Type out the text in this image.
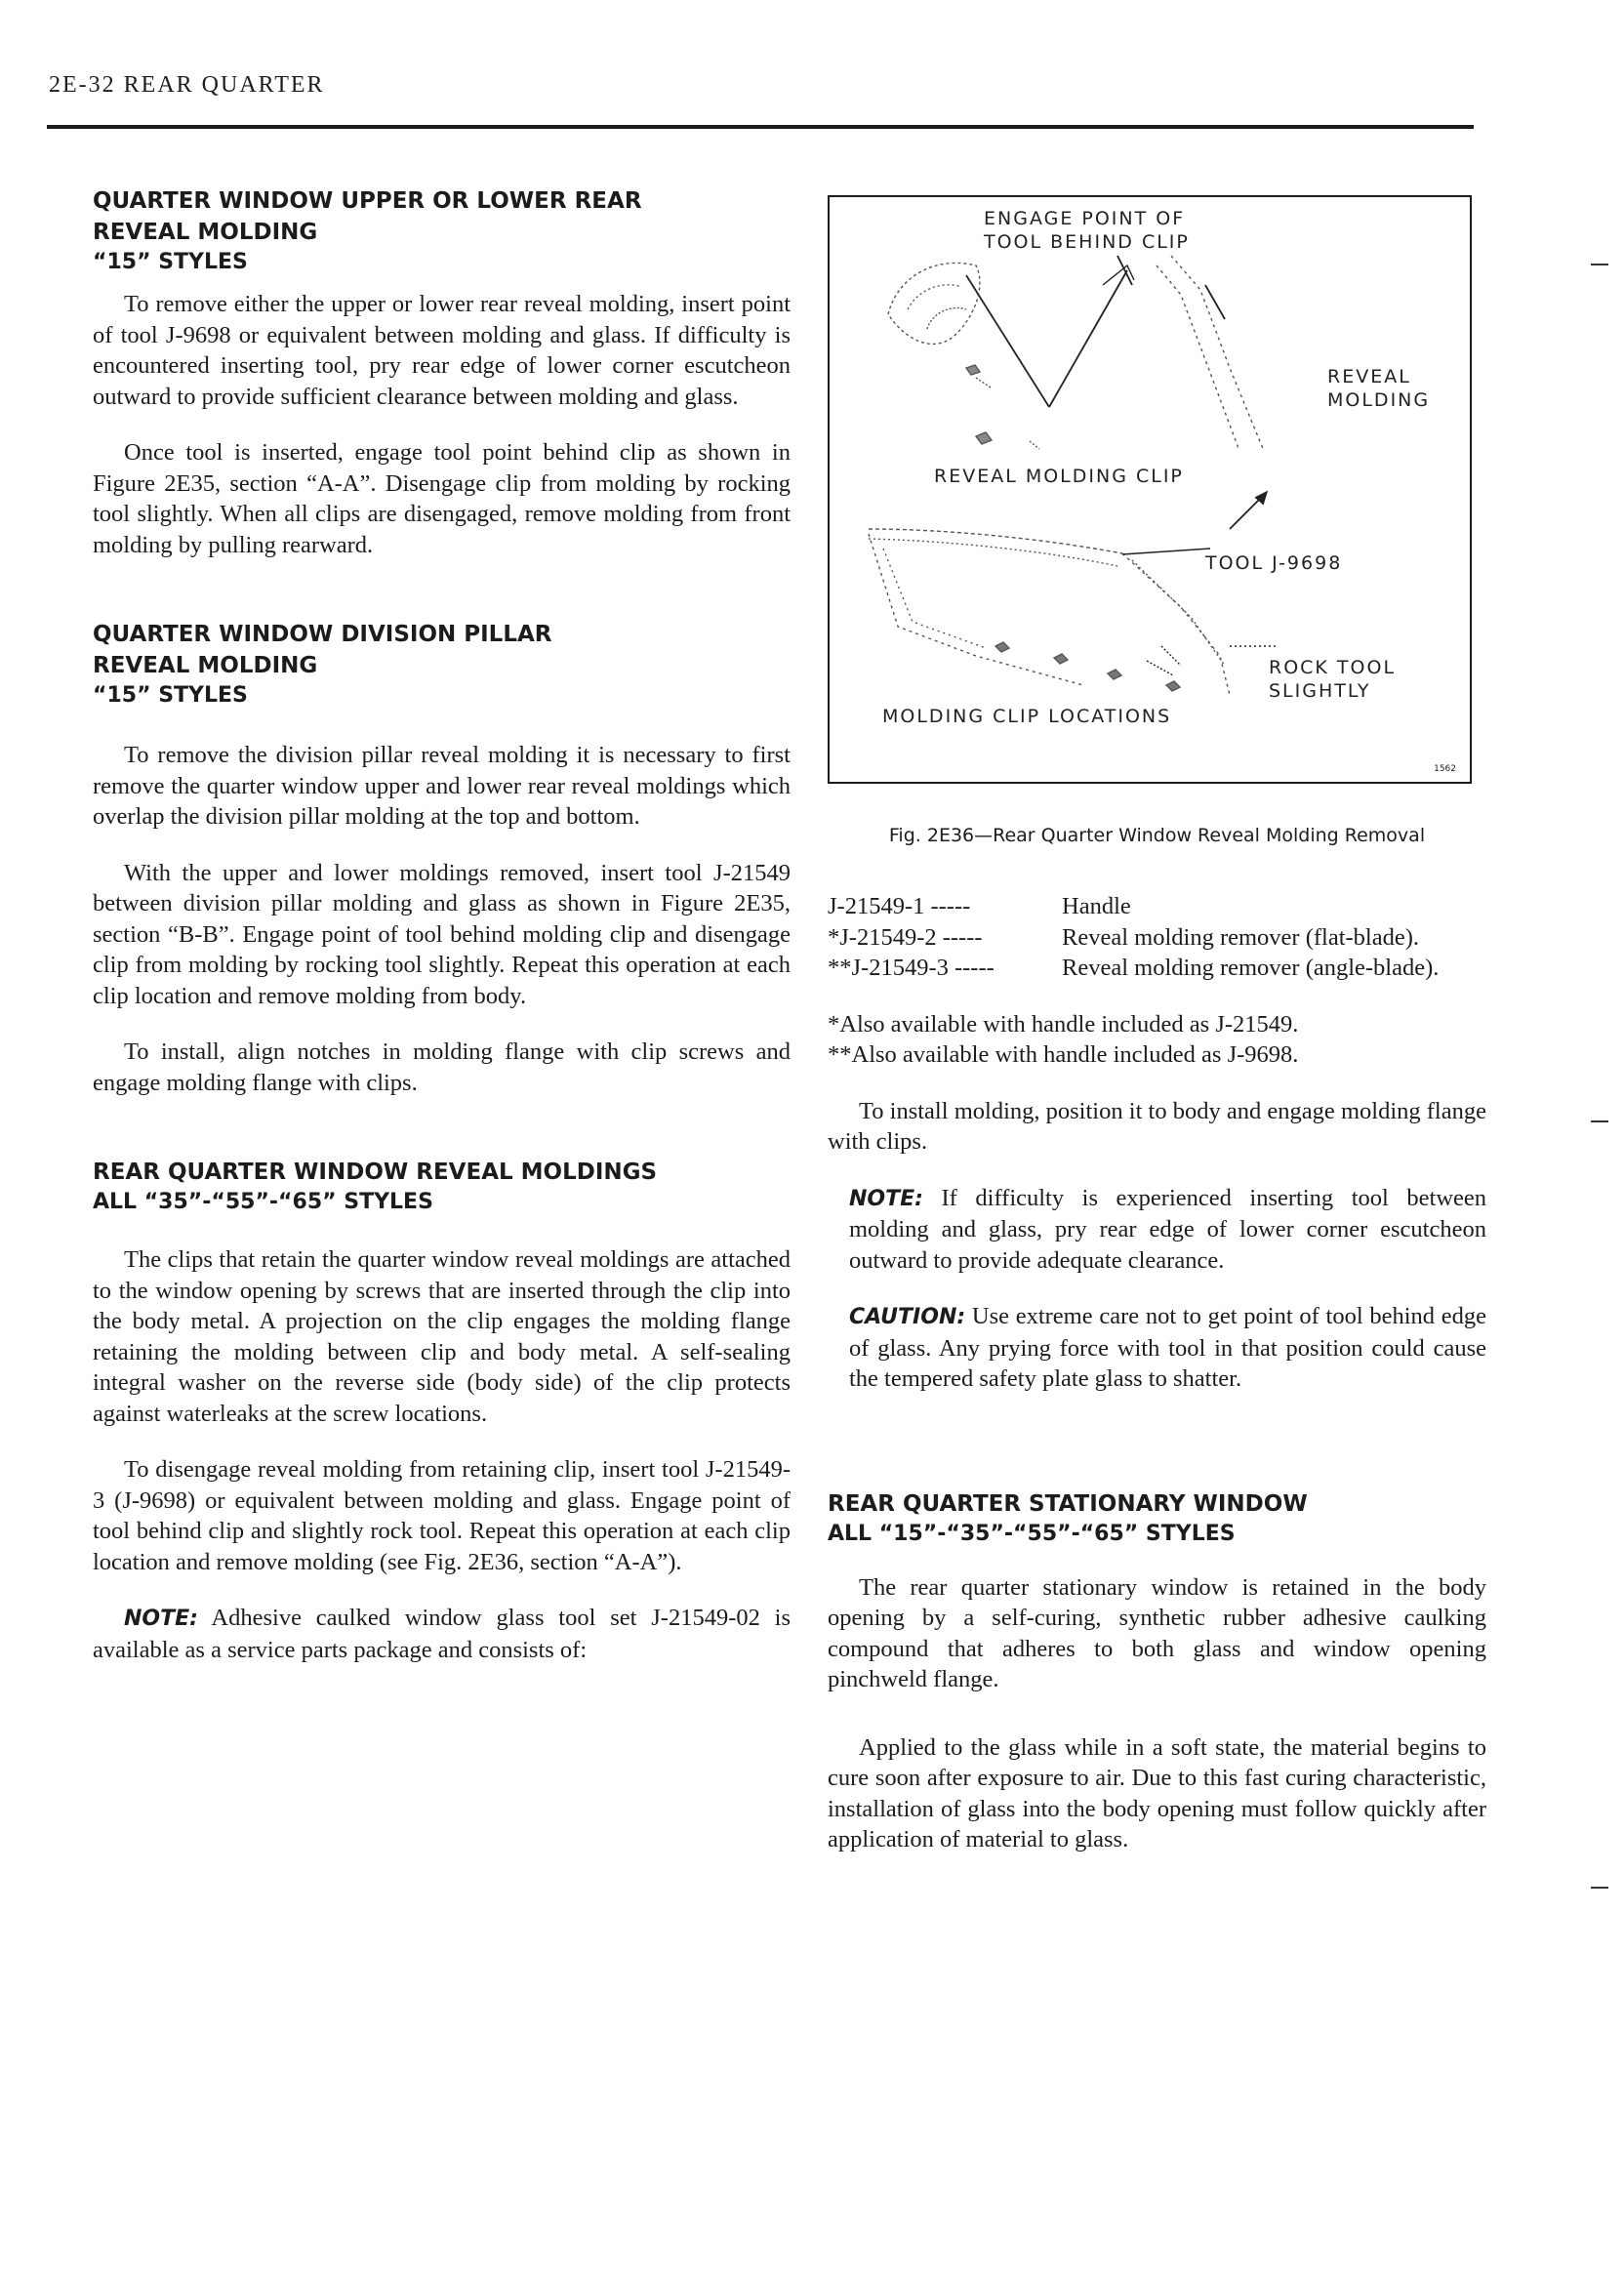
2E-32 REAR QUARTER
QUARTER WINDOW UPPER OR LOWER REAR
REVEAL MOLDING
“15” STYLES

To remove either the upper or lower rear reveal molding, insert point of tool J-9698 or equivalent between molding and glass. If difficulty is encountered inserting tool, pry rear edge of lower corner escutcheon outward to provide sufficient clearance between molding and glass.

Once tool is inserted, engage tool point behind clip as shown in Figure 2E35, section “A-A”. Disengage clip from molding by rocking tool slightly. When all clips are disengaged, remove molding from front molding by pulling rearward.

QUARTER WINDOW DIVISION PILLAR
REVEAL MOLDING
“15” STYLES

To remove the division pillar reveal molding it is necessary to first remove the quarter window upper and lower rear reveal moldings which overlap the division pillar molding at the top and bottom.

With the upper and lower moldings removed, insert tool J-21549 between division pillar molding and glass as shown in Figure 2E35, section “B-B”. Engage point of tool behind molding clip and disengage clip from molding by rocking tool slightly. Repeat this operation at each clip location and remove molding from body.

To install, align notches in molding flange with clip screws and engage molding flange with clips.

REAR QUARTER WINDOW REVEAL MOLDINGS
ALL “35”-“55”-“65” STYLES

The clips that retain the quarter window reveal moldings are attached to the window opening by screws that are inserted through the clip into the body metal. A projection on the clip engages the molding flange retaining the molding between clip and body metal. A self-sealing integral washer on the reverse side (body side) of the clip protects against waterleaks at the screw locations.

To disengage reveal molding from retaining clip, insert tool J-21549-3 (J-9698) or equivalent between molding and glass. Engage point of tool behind clip and slightly rock tool. Repeat this operation at each clip location and remove molding (see Fig. 2E36, section “A-A”).

NOTE: Adhesive caulked window glass tool set J-21549-02 is available as a service parts package and consists of:

ENGAGE POINT OF
TOOL BEHIND CLIP
REVEAL
MOLDING
REVEAL MOLDING CLIP
TOOL J-9698
ROCK TOOL
SLIGHTLY
MOLDING CLIP LOCATIONS
1562
Fig. 2E36—Rear Quarter Window Reveal Molding Removal
J-21549-1 -----	Handle
*J-21549-2 -----	Reveal molding remover (flat-blade).
**J-21549-3 -----	Reveal molding remover (angle-blade).
*Also available with handle included as J-21549.
**Also available with handle included as J-9698.

To install molding, position it to body and engage molding flange with clips.

NOTE: If difficulty is experienced inserting tool between molding and glass, pry rear edge of lower corner escutcheon outward to provide adequate clearance.

CAUTION: Use extreme care not to get point of tool behind edge of glass. Any prying force with tool in that position could cause the tempered safety plate glass to shatter.

REAR QUARTER STATIONARY WINDOW
ALL “15”-“35”-“55”-“65” STYLES

The rear quarter stationary window is retained in the body opening by a self-curing, synthetic rubber adhesive caulking compound that adheres to both glass and window opening pinchweld flange.

Applied to the glass while in a soft state, the material begins to cure soon after exposure to air. Due to this fast curing characteristic, installation of glass into the body opening must follow quickly after application of material to glass.
